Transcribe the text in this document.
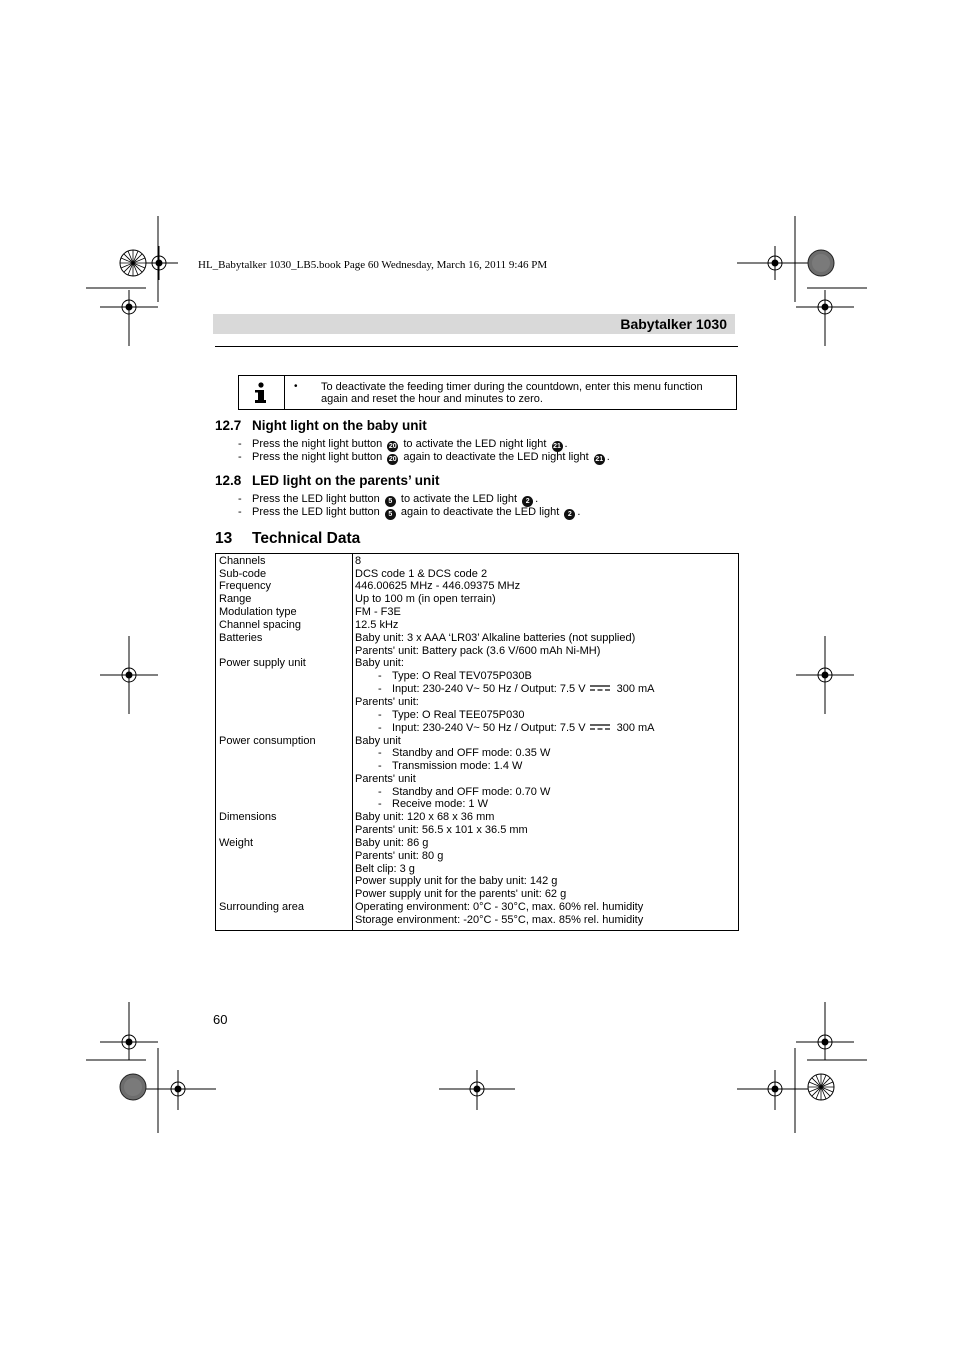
HL_Babytalker 1030_LB5.book Page 60 Wednesday, March 16, 2011 9:46 PM
Babytalker 1030
• To deactivate the feeding timer during the countdown, enter this menu function again and reset the hour and minutes to zero.
12.7 Night light on the baby unit
- Press the night light button 20 to activate the LED night light 21 .
- Press the night light button 20 again to deactivate the LED night light 21 .
12.8 LED light on the parents’ unit
- Press the LED light button 5 to activate the LED light 2 .
- Press the LED light button 5 again to deactivate the LED light 2 .
13 Technical Data
Channels	8
Sub-code	DCS code 1 & DCS code 2
Frequency	446.00625 MHz - 446.09375 MHz
Range	Up to 100 m (in open terrain)
Modulation type	FM - F3E
Channel spacing	12.5 kHz
Batteries	Baby unit: 3 x AAA ‘LR03’ Alkaline batteries (not supplied)
Parents' unit: Battery pack (3.6 V/600 mAh Ni-MH)
Power supply unit	Baby unit:
- Type: O Real TEV075P030B
- Input: 230-240 V~ 50 Hz / Output: 7.5 V	300 mA
Parents' unit:
- Type: O Real TEE075P030
- Input: 230-240 V~ 50 Hz / Output: 7.5 V	300 mA
Power consumption	Baby unit
- Standby and OFF mode: 0.35 W
- Transmission mode: 1.4 W
Parents' unit
- Standby and OFF mode: 0.70 W
- Receive mode: 1 W
Dimensions	Baby unit: 120 x 68 x 36 mm
Parents' unit: 56.5 x 101 x 36.5 mm
Weight	Baby unit: 86 g
Parents' unit: 80 g
Belt clip: 3 g
Power supply unit for the baby unit: 142 g
Power supply unit for the parents' unit: 62 g
Surrounding area	Operating environment: 0°C - 30°C, max. 60% rel. humidity
Storage environment: -20°C - 55°C, max. 85% rel. humidity
60
